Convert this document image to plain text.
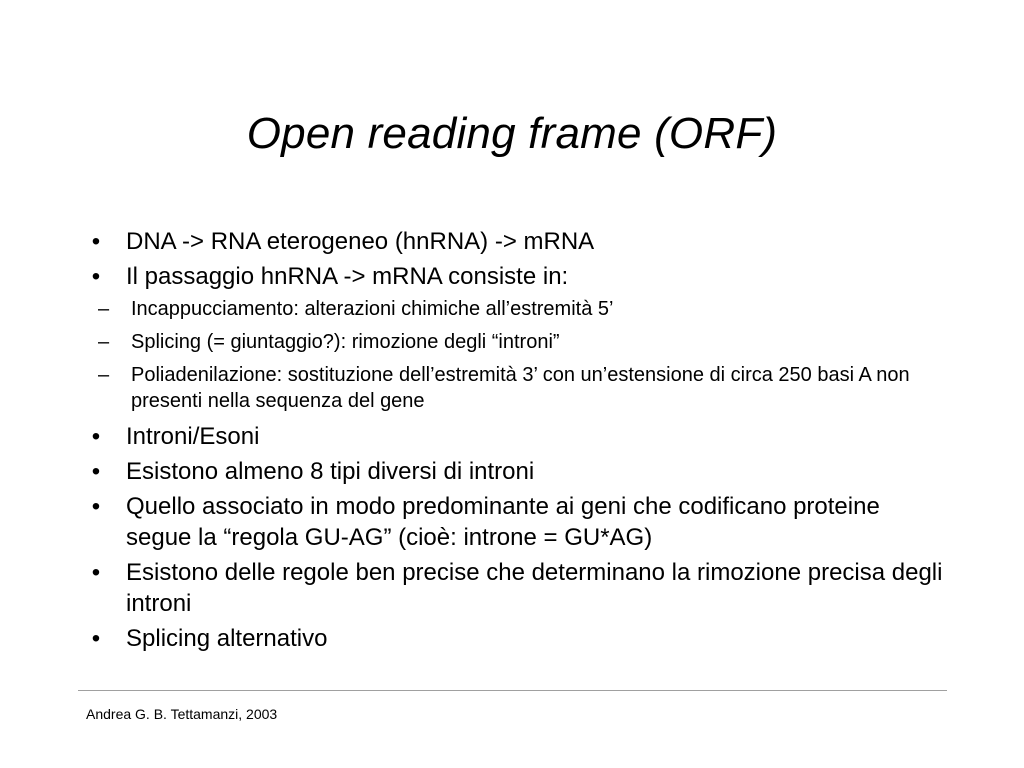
Open reading frame (ORF)
• DNA -> RNA eterogeneo (hnRNA) -> mRNA
• Il passaggio hnRNA -> mRNA consiste in:
– Incappucciamento: alterazioni chimiche all’estremità 5’
– Splicing (= giuntaggio?): rimozione degli “introni”
– Poliadenilazione: sostituzione dell’estremità 3’ con un’estensione di circa 250 basi A non presenti nella sequenza del gene
• Introni/Esoni
• Esistono almeno 8 tipi diversi di introni
• Quello associato in modo predominante ai geni che codificano proteine segue la “regola GU-AG” (cioè: introne = GU*AG)
• Esistono delle regole ben precise che determinano la rimozione precisa degli introni
• Splicing alternativo
Andrea G. B. Tettamanzi, 2003
